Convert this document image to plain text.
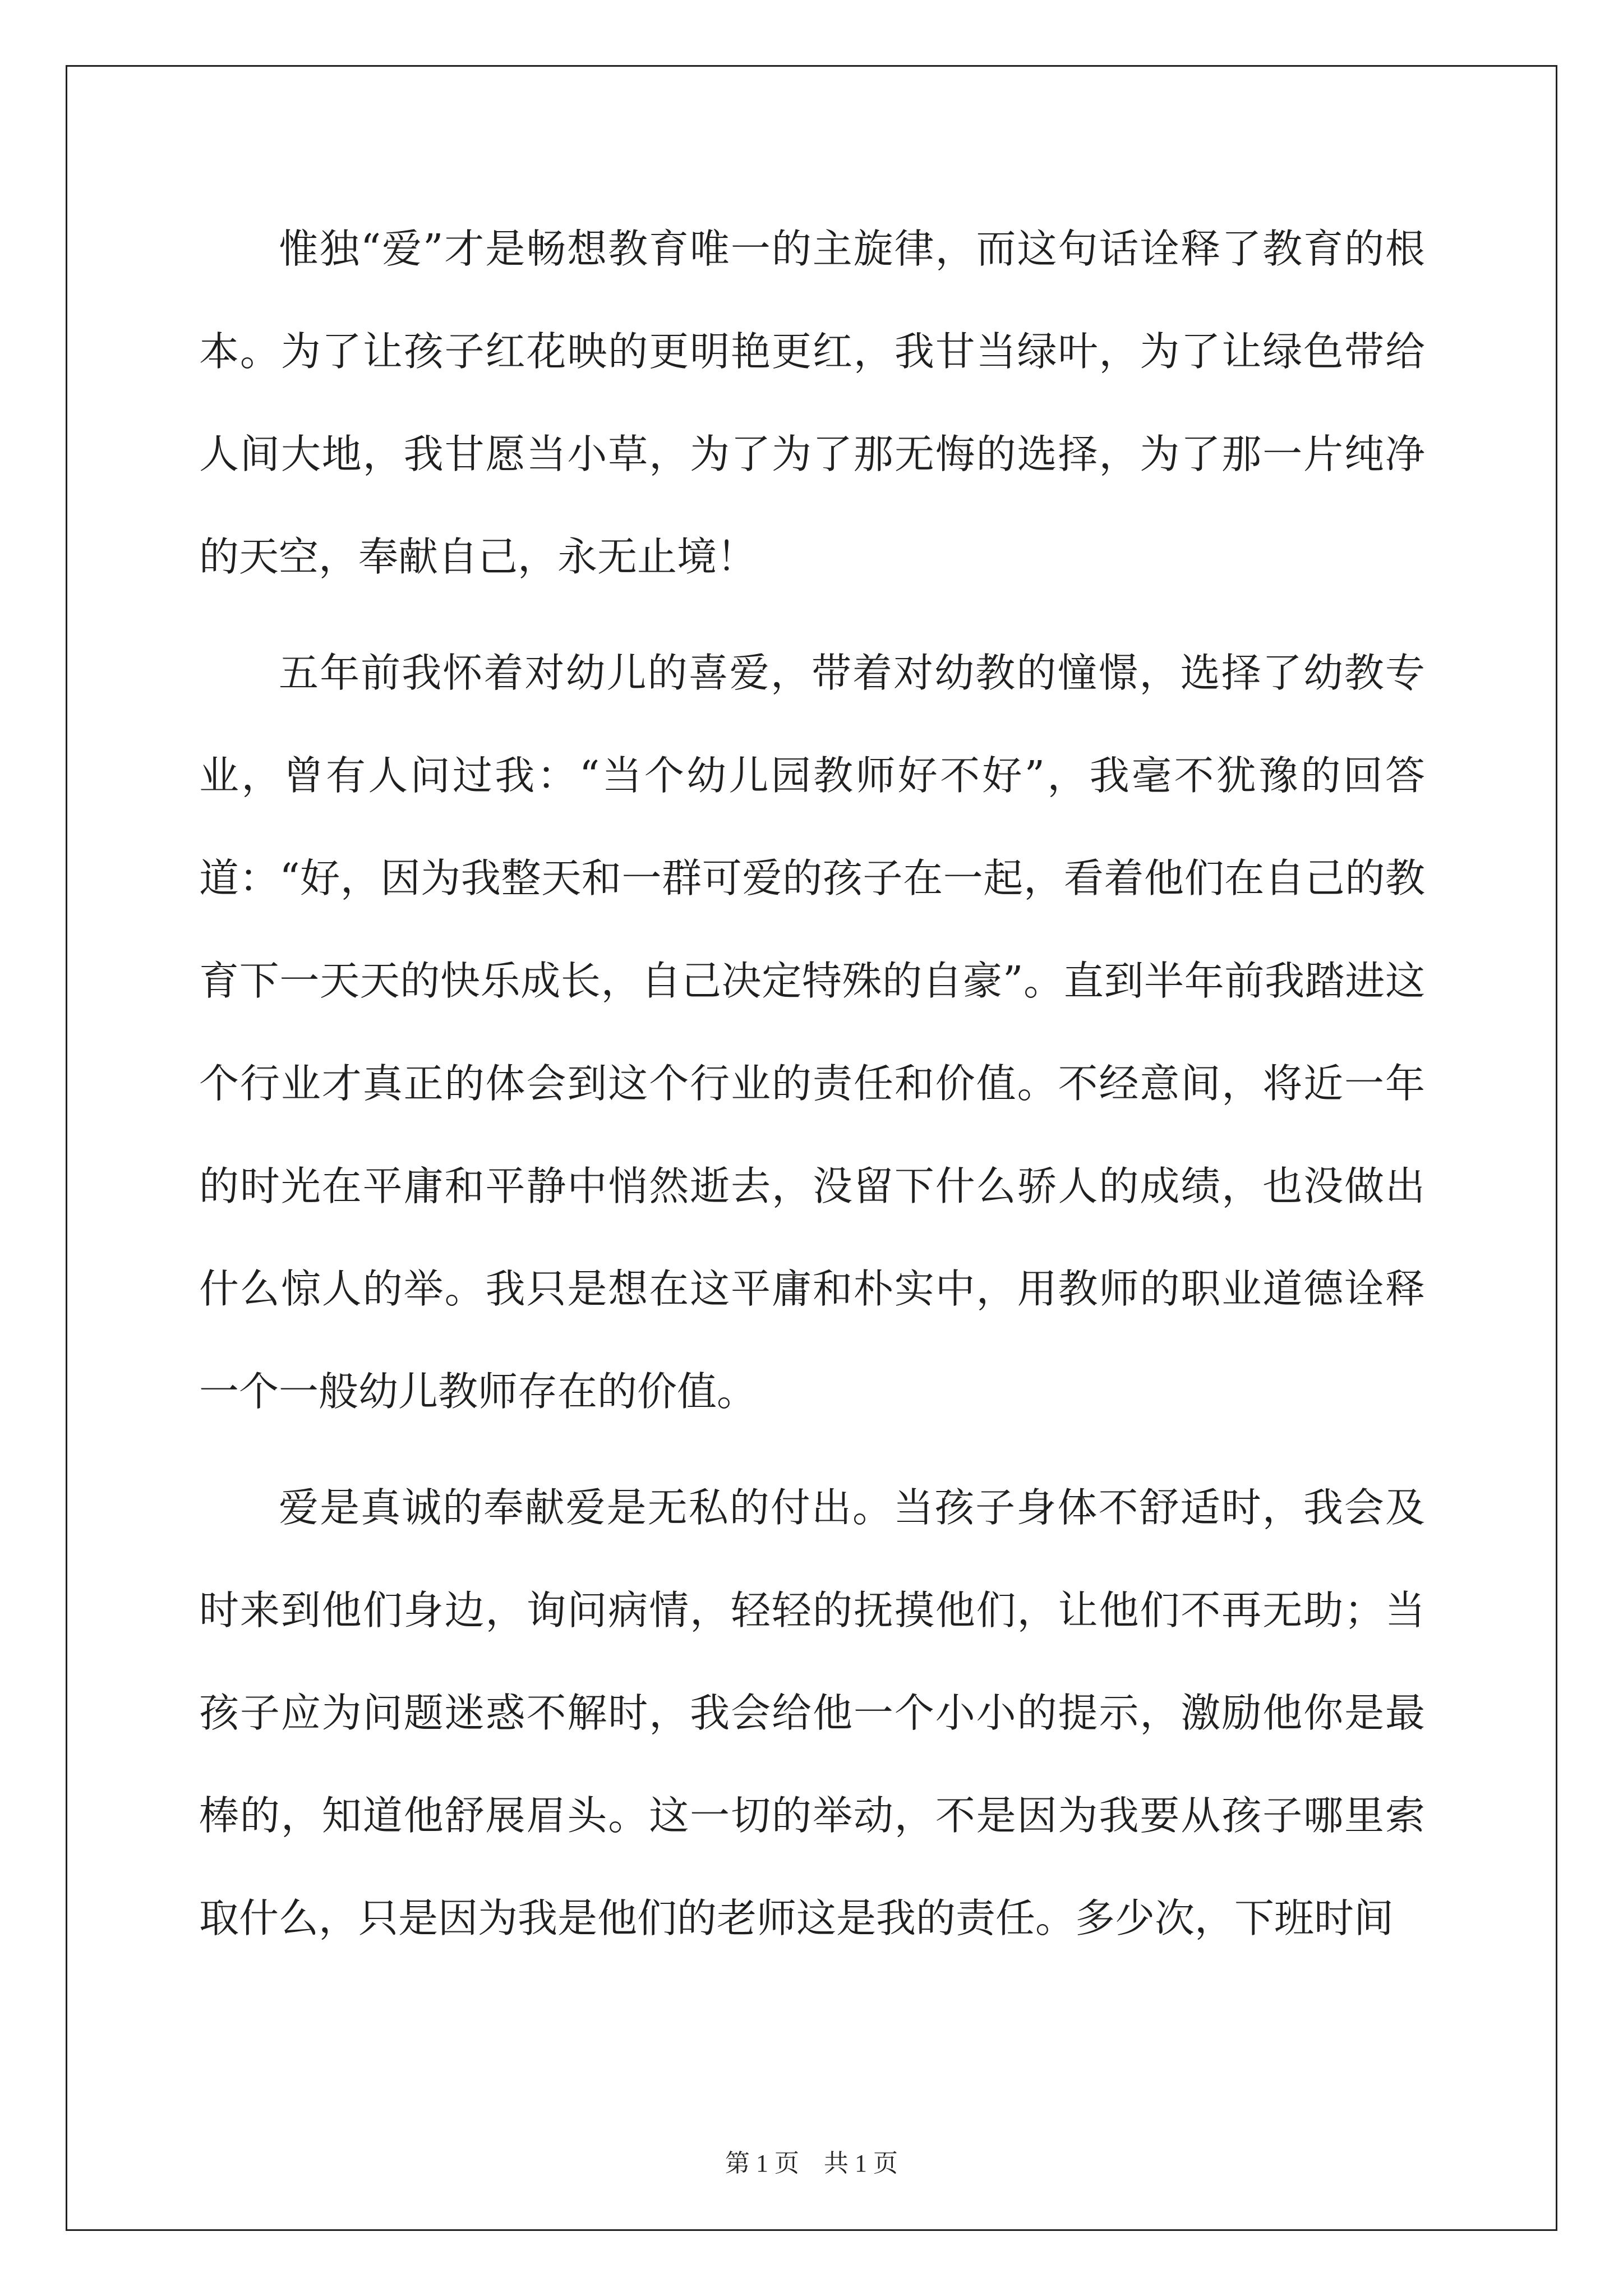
惟独“爱”才是畅想教育唯一的主旋律，而这句话诠释了教育的根本。为了让孩子红花映的更明艳更红，我甘当绿叶，为了让绿色带给人间大地，我甘愿当小草，为了为了那无悔的选择，为了那一片纯净的天空，奉献自己，永无止境！

五年前我怀着对幼儿的喜爱，带着对幼教的憧憬，选择了幼教专业，曾有人问过我：“当个幼儿园教师好不好”，我毫不犹豫的回答道：“好，因为我整天和一群可爱的孩子在一起，看着他们在自己的教育下一天天的快乐成长，自己决定特殊的自豪”。直到半年前我踏进这个行业才真正的体会到这个行业的责任和价值。不经意间，将近一年的时光在平庸和平静中悄然逝去，没留下什么骄人的成绩，也没做出什么惊人的举。我只是想在这平庸和朴实中，用教师的职业道德诠释一个一般幼儿教师存在的价值。

爱是真诚的奉献爱是无私的付出。当孩子身体不舒适时，我会及时来到他们身边，询问病情，轻轻的抚摸他们，让他们不再无助；当孩子应为问题迷惑不解时，我会给他一个小小的提示，激励他你是最棒的，知道他舒展眉头。这一切的举动，不是因为我要从孩子哪里索取什么，只是因为我是他们的老师这是我的责任。多少次，下班时间

第 1 页    共 1 页
